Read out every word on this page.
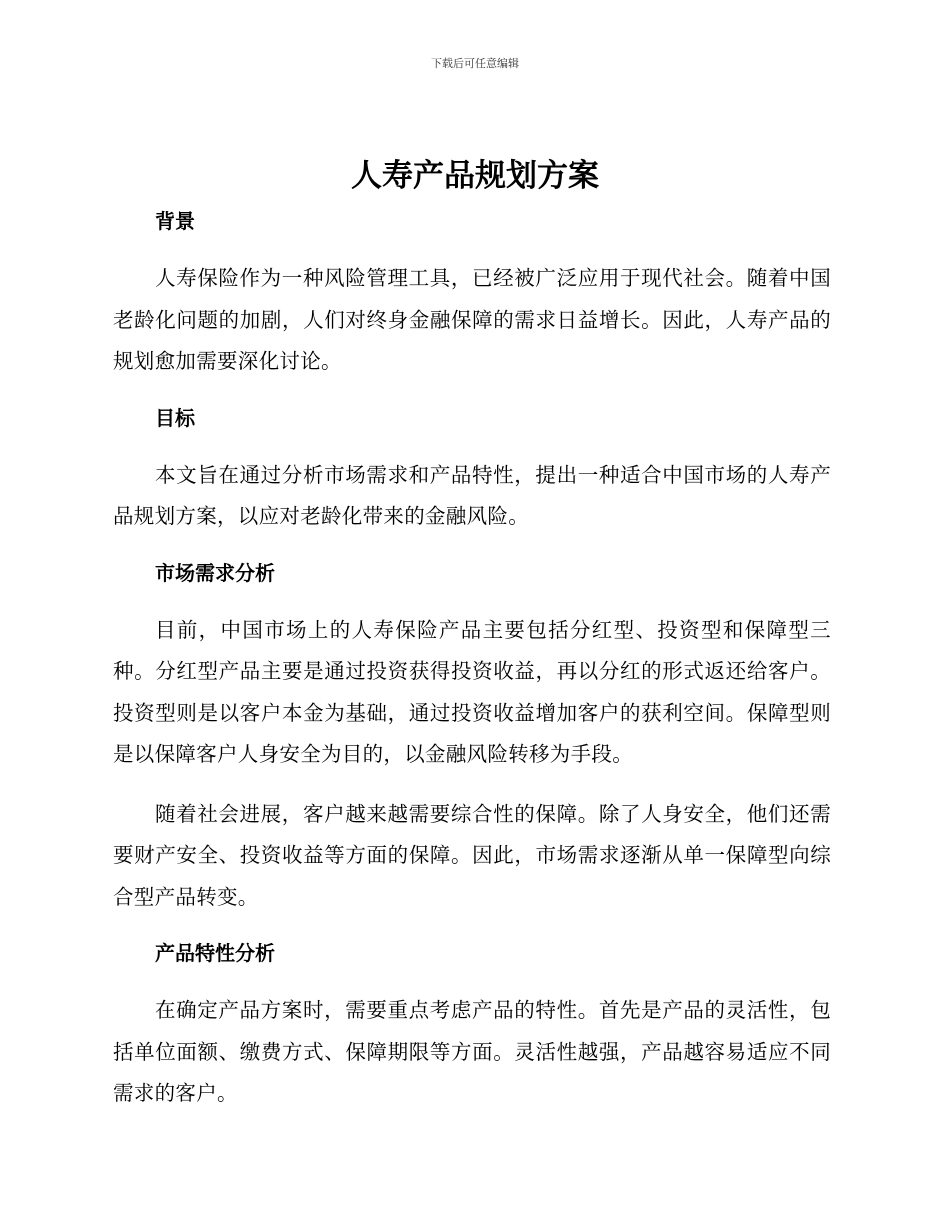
下载后可任意编辑
人寿产品规划方案
背景

人寿保险作为一种风险管理工具，已经被广泛应用于现代社会。随着中国老龄化问题的加剧，人们对终身金融保障的需求日益增长。因此，人寿产品的规划愈加需要深化讨论。

目标

本文旨在通过分析市场需求和产品特性，提出一种适合中国市场的人寿产品规划方案，以应对老龄化带来的金融风险。

市场需求分析

目前，中国市场上的人寿保险产品主要包括分红型、投资型和保障型三种。分红型产品主要是通过投资获得投资收益，再以分红的形式返还给客户。投资型则是以客户本金为基础，通过投资收益增加客户的获利空间。保障型则是以保障客户人身安全为目的，以金融风险转移为手段。

随着社会进展，客户越来越需要综合性的保障。除了人身安全，他们还需要财产安全、投资收益等方面的保障。因此，市场需求逐渐从单一保障型向综合型产品转变。

产品特性分析

在确定产品方案时，需要重点考虑产品的特性。首先是产品的灵活性，包括单位面额、缴费方式、保障期限等方面。灵活性越强，产品越容易适应不同需求的客户。
